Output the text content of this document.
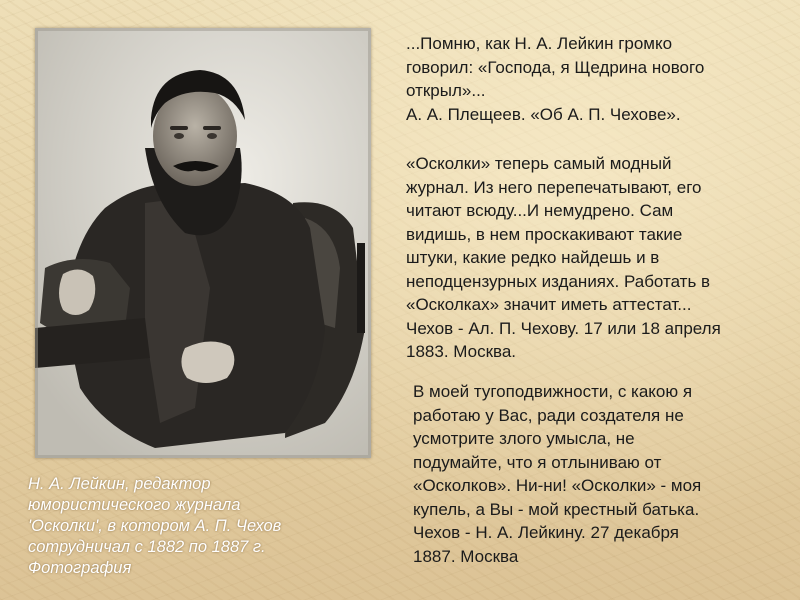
Н. А. Лейкин, редактор
юмористического журнала
'Осколки', в котором А. П. Чехов
сотрудничал с 1882 по 1887 г.
Фотография
...Помню, как Н. А. Лейкин громко
говорил: «Господа, я Щедрина нового
открыл»...
А. А. Плещеев. «Об А. П. Чехове».
«Осколки» теперь самый модный
журнал. Из него перепечатывают, его
читают всюду...И немудрено. Сам
видишь, в нем проскакивают такие
штуки, какие редко найдешь и в
неподцензурных изданиях. Работать в
«Осколках» значит иметь аттестат...
Чехов - Ал. П. Чехову. 17 или 18 апреля
1883. Москва.
В моей тугоподвижности, с какою я
работаю у Вас, ради создателя не
усмотрите злого умысла, не
подумайте, что я отлыниваю от
«Осколков». Ни-ни! «Осколки» - моя
купель, а Вы - мой крестный батька.
Чехов - Н. А. Лейкину. 27 декабря
1887. Москва
